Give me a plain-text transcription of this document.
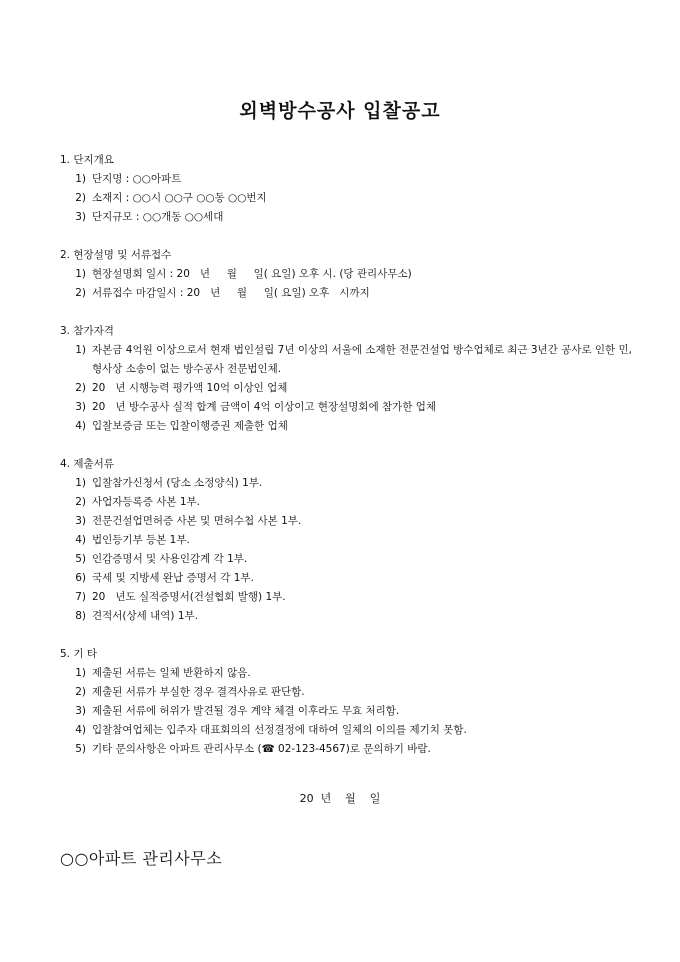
외벽방수공사 입찰공고
1. 단지개요
1) 단지명 : ○○아파트
2) 소재지 : ○○시 ○○구 ○○동 ○○번지
3) 단지규모 : ○○개동 ○○세대
2. 현장설명 및 서류접수
1) 현장설명회 일시 : 20   년     월     일( 요일) 오후 시. (당 관리사무소)
2) 서류접수 마감일시 : 20   년     월     일( 요일) 오후   시까지
3. 참가자격
1) 자본금 4억원 이상으로서 현재 법인설립 7년 이상의 서울에 소재한 전문건설업 방수업체로 최근 3년간 공사로 인한 민, 형사상 소송이 없는 방수공사 전문법인체.
2) 20   년 시행능력 평가액 10억 이상인 업체
3) 20   년 방수공사 실적 합계 금액이 4억 이상이고 현장설명회에 참가한 업체
4) 입찰보증금 또는 입찰이행증권 제출한 업체
4. 제출서류
1) 입찰참가신청서 (당소 소정양식) 1부.
2) 사업자등록증 사본 1부.
3) 전문건설업면허증 사본 및 면허수첩 사본 1부.
4) 법인등기부 등본 1부.
5) 인감증명서 및 사용인감계 각 1부.
6) 국세 및 지방세 완납 증명서 각 1부.
7) 20   년도 실적증명서(건설협회 발행) 1부.
8) 견적서(상세 내역) 1부.
5. 기 타
1) 제출된 서류는 일체 반환하지 않음.
2) 제출된 서류가 부실한 경우 결격사유로 판단함.
3) 제출된 서류에 허위가 발견될 경우 계약 체결 이후라도 무효 처리함.
4) 입찰참여업체는 입주자 대표회의의 선정결정에 대하여 일체의 이의를 제기치 못함.
5) 기타 문의사항은 아파트 관리사무소 (☎ 02-123-4567)로 문의하기 바람.
20  년    월    일
○○아파트 관리사무소
